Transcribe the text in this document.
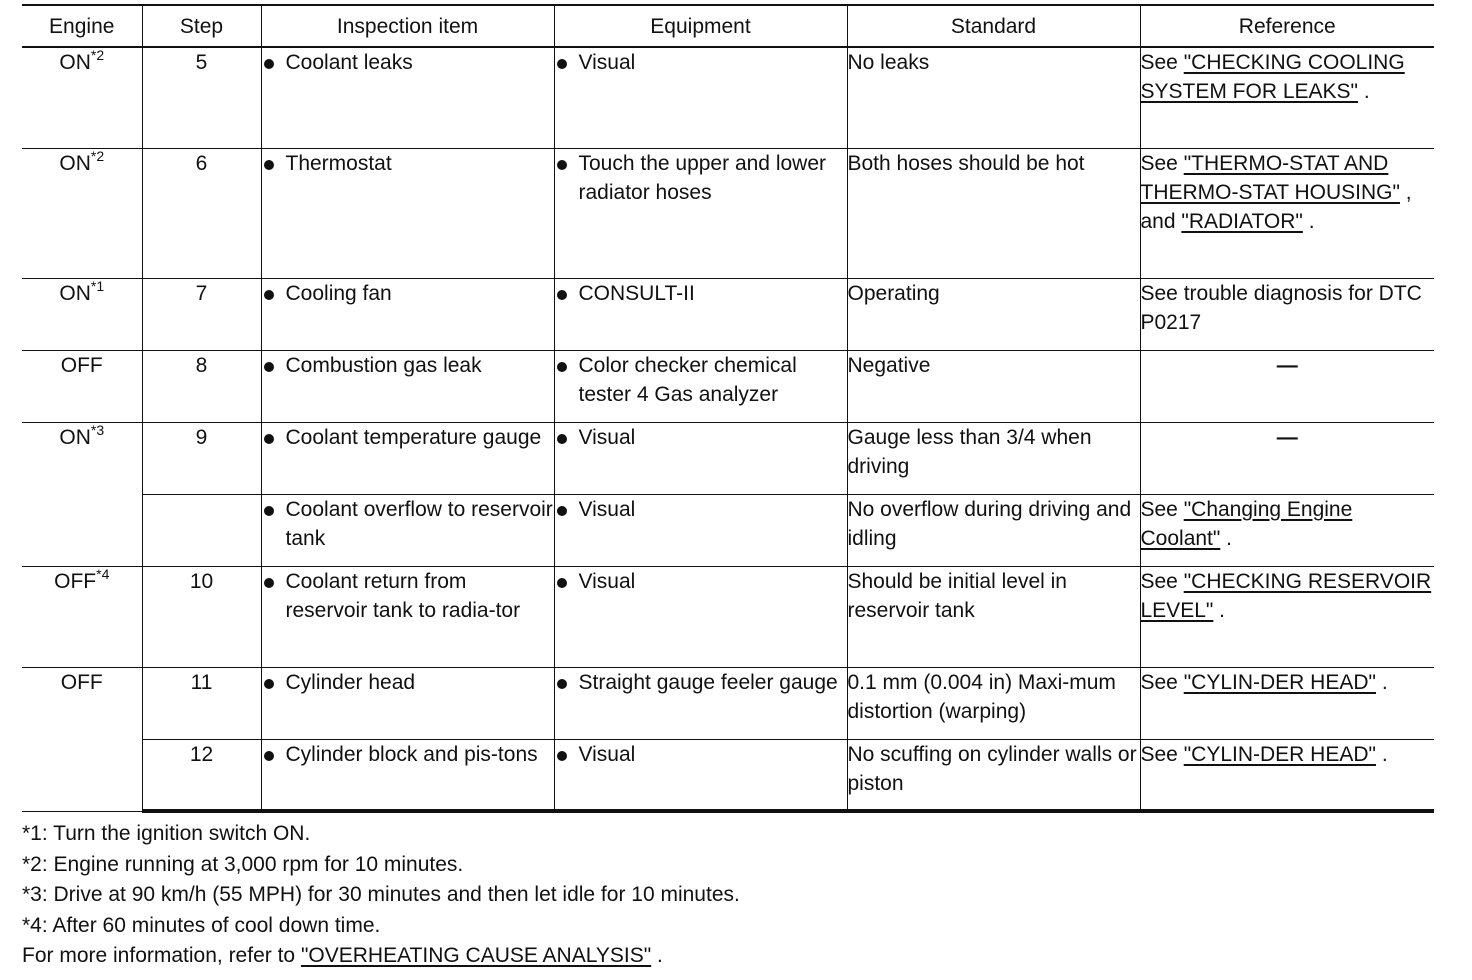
Engine	Step	Inspection item	Equipment	Standard	Reference
ON$^{*2}$	5	Coolant leaks	Visual	No leaks	See "CHECKING COOLING SYSTEM FOR LEAKS" .
ON$^{*2}$	6	Thermostat	Touch the upper and lower radiator hoses	Both hoses should be hot	See "THERMO-STAT AND THERMO-STAT HOUSING" , and "RADIATOR" .
ON$^{*1}$	7	Cooling fan	CONSULT-II	Operating	See trouble diagnosis for DTC P0217
OFF	8	Combustion gas leak	Color checker chemical tester 4 Gas analyzer	Negative	—
ON$^{*3}$	9	Coolant temperature gauge	Visual	Gauge less than 3/4 when driving	—

		Coolant overflow to reservoir tank	Visual	No overflow during driving and idling	See "Changing Engine Coolant" .
OFF$^{*4}$	10	Coolant return from reservoir tank to radia-tor	Visual	Should be initial level in reservoir tank	See "CHECKING RESERVOIR LEVEL" .
OFF	11	Cylinder head	Straight gauge feeler gauge	0.1 mm (0.004 in) Maxi-mum distortion (warping)	See "CYLIN-DER HEAD" .
	12	Cylinder block and pis-tons	Visual	No scuffing on cylinder walls or piston	See "CYLIN-DER HEAD" .
*1: Turn the ignition switch ON.
*2: Engine running at 3,000 rpm for 10 minutes.
*3: Drive at 90 km/h (55 MPH) for 30 minutes and then let idle for 10 minutes.
*4: After 60 minutes of cool down time.
For more information, refer to "OVERHEATING CAUSE ANALYSIS" .
